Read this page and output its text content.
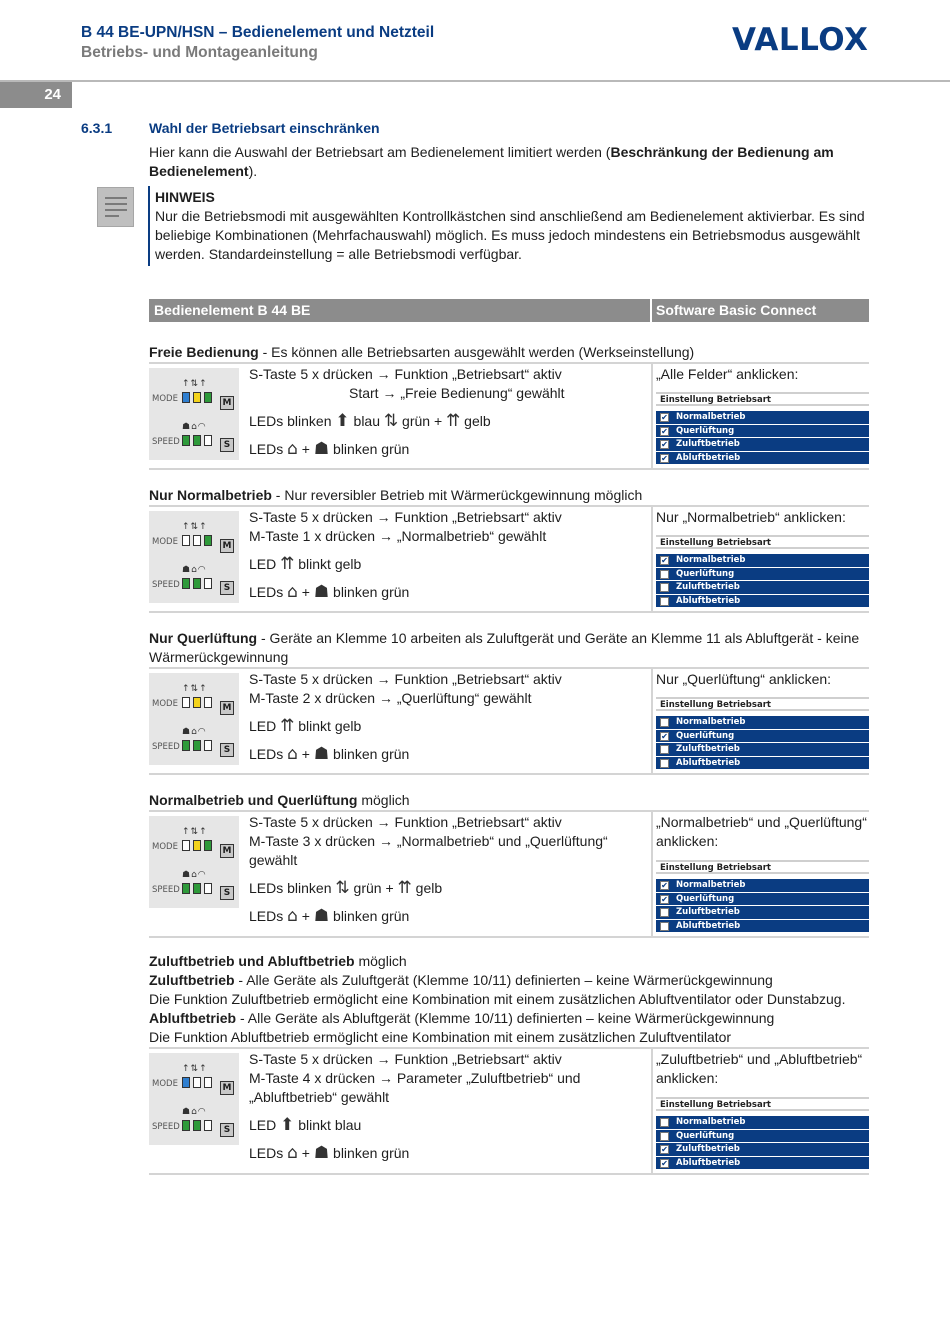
B 44 BE-UPN/HSN – Bedienelement und Netzteil
Betriebs- und Montageanleitung	VALLOX
24
6.3.1	Wahl der Betriebsart einschränken
Hier kann die Auswahl der Betriebsart am Bedienelement limitiert werden (Beschränkung der Bedienung am Bedienelement).
HINWEIS
Nur die Betriebsmodi mit ausgewählten Kontrollkästchen sind anschließend am Bedienelement aktivierbar. Es sind beliebige Kombinationen (Mehrfachauswahl) möglich. Es muss jedoch mindestens ein Betriebsmodus ausgewählt werden. Standardeinstellung = alle Betriebsmodi verfügbar.
Bedienelement B 44 BE	Software Basic Connect
Freie Bedienung - Es können alle Betriebsarten ausgewählt werden (Werkseinstellung)
MODE
SPEED
↑⇅↑
☗⌂◠
M
S
S-Taste 5 x drücken → Funktion „Betriebsart“ aktiv
Start → „Freie Bedienung“ gewählt
LEDs blinken ⬆ blau ⇅ grün + ⇈ gelb
LEDs ⌂ + ☗ blinken grün
„Alle Felder“ anklicken:
Einstellung Betriebsart
✔ Normalbetrieb
✔ Querlüftung
✔ Zuluftbetrieb
✔ Abluftbetrieb
Nur Normalbetrieb - Nur reversibler Betrieb mit Wärmerückgewinnung möglich
MODE
SPEED
↑⇅↑
☗⌂◠
M
S
S-Taste 5 x drücken → Funktion „Betriebsart“ aktiv
M-Taste 1 x drücken → „Normalbetrieb“ gewählt
LED ⇈ blinkt gelb
LEDs ⌂ + ☗ blinken grün
Nur „Normalbetrieb“ anklicken:
Einstellung Betriebsart
✔ Normalbetrieb
Querlüftung
Zuluftbetrieb
Abluftbetrieb
Nur Querlüftung - Geräte an Klemme 10 arbeiten als Zuluftgerät und Geräte an Klemme 11 als Abluftgerät - keine Wärmerückgewinnung
MODE
SPEED
↑⇅↑
☗⌂◠
M
S
S-Taste 5 x drücken → Funktion „Betriebsart“ aktiv
M-Taste 2 x drücken → „Querlüftung“ gewählt
LED ⇈ blinkt gelb
LEDs ⌂ + ☗ blinken grün
Nur „Querlüftung“ anklicken:
Einstellung Betriebsart
Normalbetrieb
✔ Querlüftung
Zuluftbetrieb
Abluftbetrieb
Normalbetrieb und Querlüftung möglich
MODE
SPEED
↑⇅↑
☗⌂◠
M
S
S-Taste 5 x drücken → Funktion „Betriebsart“ aktiv
M-Taste 3 x drücken → „Normalbetrieb“ und „Querlüftung“ gewählt
LEDs blinken ⇅ grün + ⇈ gelb
LEDs ⌂ + ☗ blinken grün
„Normalbetrieb“ und „Querlüftung“ anklicken:
Einstellung Betriebsart
✔ Normalbetrieb
✔ Querlüftung
Zuluftbetrieb
Abluftbetrieb
Zuluftbetrieb und Abluftbetrieb möglich
Zuluftbetrieb - Alle Geräte als Zuluftgerät (Klemme 10/11) definierten – keine Wärmerückgewinnung
Die Funktion Zuluftbetrieb ermöglicht eine Kombination mit einem zusätzlichen Abluftventilator oder Dunstabzug.
Abluftbetrieb - Alle Geräte als Abluftgerät (Klemme 10/11) definierten – keine Wärmerückgewinnung
Die Funktion Abluftbetrieb ermöglicht eine Kombination mit einem zusätzlichen Zuluftventilator
MODE
SPEED
↑⇅↑
☗⌂◠
M
S
S-Taste 5 x drücken → Funktion „Betriebsart“ aktiv
M-Taste 4 x drücken → Parameter „Zuluftbetrieb“ und „Abluftbetrieb“ gewählt
LED ⬆ blinkt blau
LEDs ⌂ + ☗ blinken grün
„Zuluftbetrieb“ und „Abluftbetrieb“ anklicken:
Einstellung Betriebsart
Normalbetrieb
Querlüftung
✔ Zuluftbetrieb
✔ Abluftbetrieb
